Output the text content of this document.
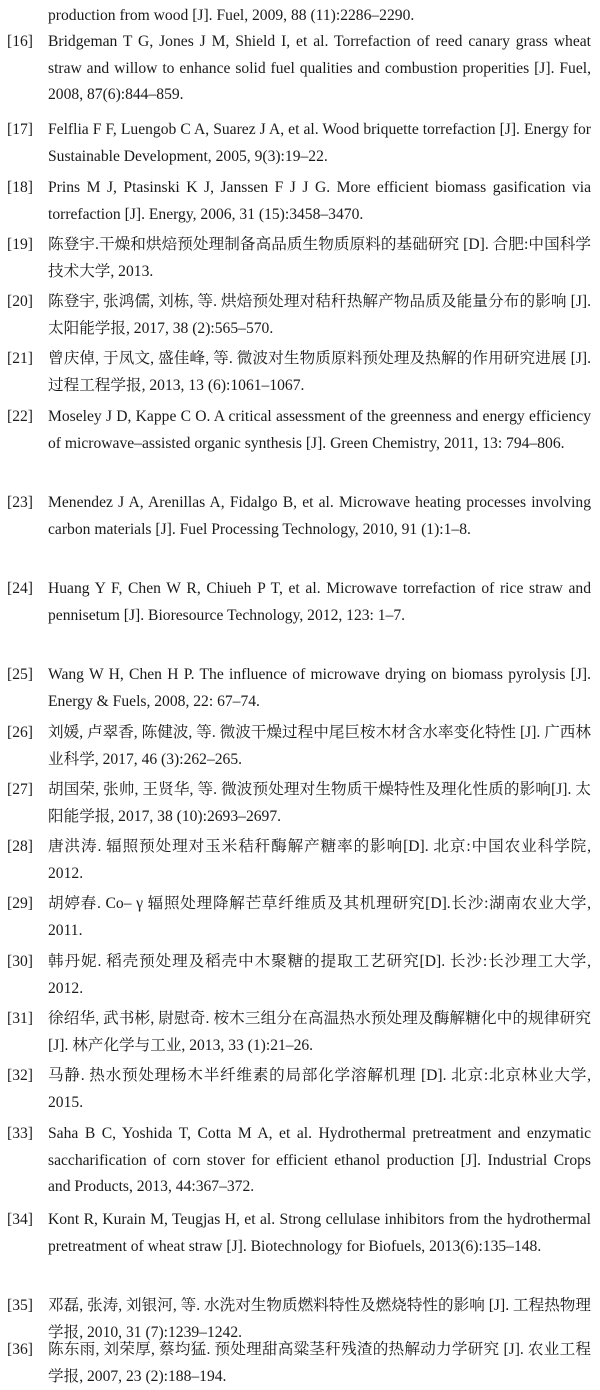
production from wood [J]. Fuel, 2009, 88 (11):2286–2290.
[16] Bridgeman T G, Jones J M, Shield I, et al. Torrefaction of reed canary grass wheat straw and willow to enhance solid fuel qualities and combustion properities [J]. Fuel, 2008, 87(6):844–859.
[17] Felflia F F, Luengob C A, Suarez J A, et al. Wood briquette torrefaction [J]. Energy for Sustainable Development, 2005, 9(3):19–22.
[18] Prins M J, Ptasinski K J, Janssen F J J G. More efficient biomass gasification via torrefaction [J]. Energy, 2006, 31 (15):3458–3470.
[19] 陈登宇.干燥和烘焙预处理制备高品质生物质原料的基础研究 [D]. 合肥:中国科学技术大学, 2013.
[20] 陈登宇, 张鸿儒, 刘栋, 等. 烘焙预处理对秸秆热解产物品质及能量分布的影响 [J]. 太阳能学报, 2017, 38 (2):565–570.
[21] 曾庆倬, 于凤文, 盛佳峰, 等. 微波对生物质原料预处理及热解的作用研究进展 [J]. 过程工程学报, 2013, 13 (6):1061–1067.
[22] Moseley J D, Kappe C O. A critical assessment of the greenness and energy efficiency of microwave–assisted organic synthesis [J]. Green Chemistry, 2011, 13: 794–806.
[23] Menendez J A, Arenillas A, Fidalgo B, et al. Microwave heating processes involving carbon materials [J]. Fuel Processing Technology, 2010, 91 (1):1–8.
[24] Huang Y F, Chen W R, Chiueh P T, et al. Microwave torrefaction of rice straw and pennisetum [J]. Bioresource Technology, 2012, 123: 1–7.
[25] Wang W H, Chen H P. The influence of microwave drying on biomass pyrolysis [J]. Energy & Fuels, 2008, 22: 67–74.
[26] 刘媛, 卢翠香, 陈健波, 等. 微波干燥过程中尾巨桉木材含水率变化特性 [J]. 广西林业科学, 2017, 46 (3):262–265.
[27] 胡国荣, 张帅, 王贤华, 等. 微波预处理对生物质干燥特性及理化性质的影响[J]. 太阳能学报, 2017, 38 (10):2693–2697.
[28] 唐洪涛. 辐照预处理对玉米秸秆酶解产糖率的影响[D]. 北京:中国农业科学院, 2012.
[29] 胡婷春. Co– γ 辐照处理降解芒草纤维质及其机理研究[D].长沙:湖南农业大学, 2011.
[30] 韩丹妮. 稻壳预处理及稻壳中木聚糖的提取工艺研究[D]. 长沙:长沙理工大学, 2012.
[31] 徐绍华, 武书彬, 尉慰奇. 桉木三组分在高温热水预处理及酶解糖化中的规律研究[J]. 林产化学与工业, 2013, 33 (1):21–26.
[32] 马静. 热水预处理杨木半纤维素的局部化学溶解机理 [D]. 北京:北京林业大学, 2015.
[33] Saha B C, Yoshida T, Cotta M A, et al. Hydrothermal pretreatment and enzymatic saccharification of corn stover for efficient ethanol production [J]. Industrial Crops and Products, 2013, 44:367–372.
[34] Kont R, Kurain M, Teugjas H, et al. Strong cellulase inhibitors from the hydrothermal pretreatment of wheat straw [J]. Biotechnology for Biofuels, 2013(6):135–148.
[35] 邓磊, 张涛, 刘银河, 等. 水洗对生物质燃料特性及燃烧特性的影响 [J]. 工程热物理学报, 2010, 31 (7):1239–1242.
[36] 陈东雨, 刘荣厚, 蔡均猛. 预处理甜高粱茎秆残渣的热解动力学研究 [J]. 农业工程学报, 2007, 23 (2):188–194.
